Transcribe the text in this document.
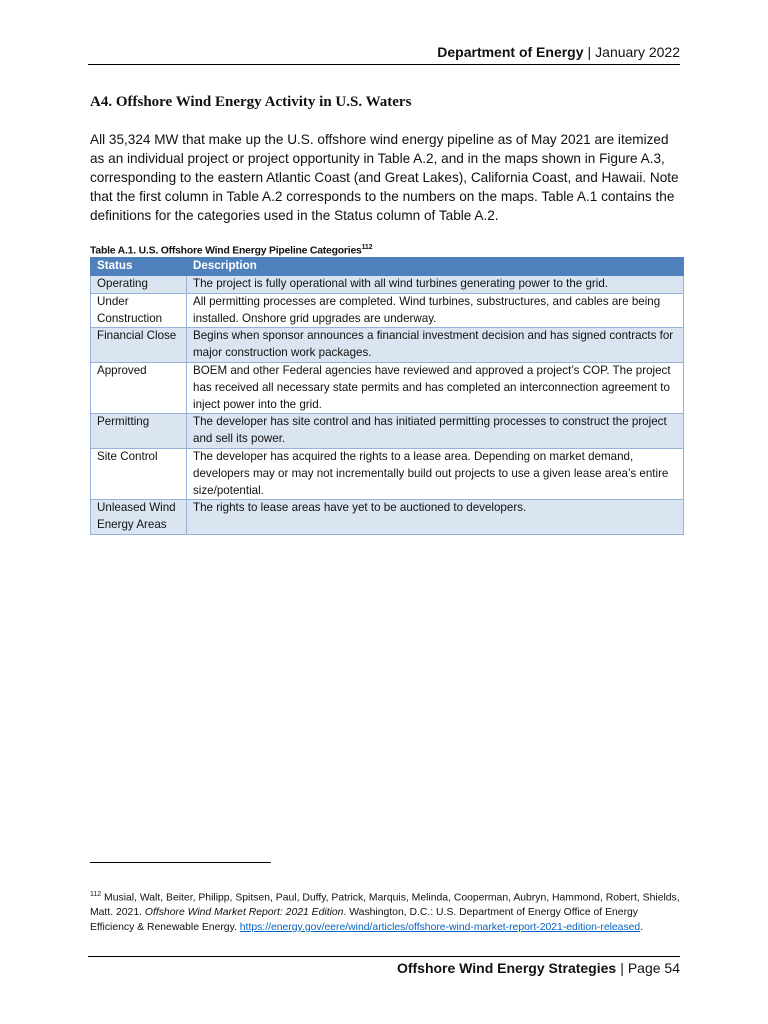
Department of Energy | January 2022
A4. Offshore Wind Energy Activity in U.S. Waters

All 35,324 MW that make up the U.S. offshore wind energy pipeline as of May 2021 are itemized as an individual project or project opportunity in Table A.2, and in the maps shown in Figure A.3, corresponding to the eastern Atlantic Coast (and Great Lakes), California Coast, and Hawaii. Note that the first column in Table A.2 corresponds to the numbers on the maps. Table A.1 contains the definitions for the categories used in the Status column of Table A.2.

Table A.1. U.S. Offshore Wind Energy Pipeline Categories$^{112}$
Status	Description
Operating	The project is fully operational with all wind turbines generating power to the grid.
Under Construction	All permitting processes are completed. Wind turbines, substructures, and cables are being installed. Onshore grid upgrades are underway.
Financial Close	Begins when sponsor announces a financial investment decision and has signed contracts for major construction work packages.
Approved	BOEM and other Federal agencies have reviewed and approved a project’s COP. The project has received all necessary state permits and has completed an interconnection agreement to inject power into the grid.
Permitting	The developer has site control and has initiated permitting processes to construct the project and sell its power.
Site Control	The developer has acquired the rights to a lease area. Depending on market demand, developers may or may not incrementally build out projects to use a given lease area’s entire size/potential.
Unleased Wind Energy Areas	The rights to lease areas have yet to be auctioned to developers.

$^{112}$ Musial, Walt, Beiter, Philipp, Spitsen, Paul, Duffy, Patrick, Marquis, Melinda, Cooperman, Aubryn, Hammond, Robert, Shields, Matt. 2021. Offshore Wind Market Report: 2021 Edition. Washington, D.C.: U.S. Department of Energy Office of Energy Efficiency & Renewable Energy. https://energy.gov/eere/wind/articles/offshore-wind-market-report-2021-edition-released.

Offshore Wind Energy Strategies | Page 54
